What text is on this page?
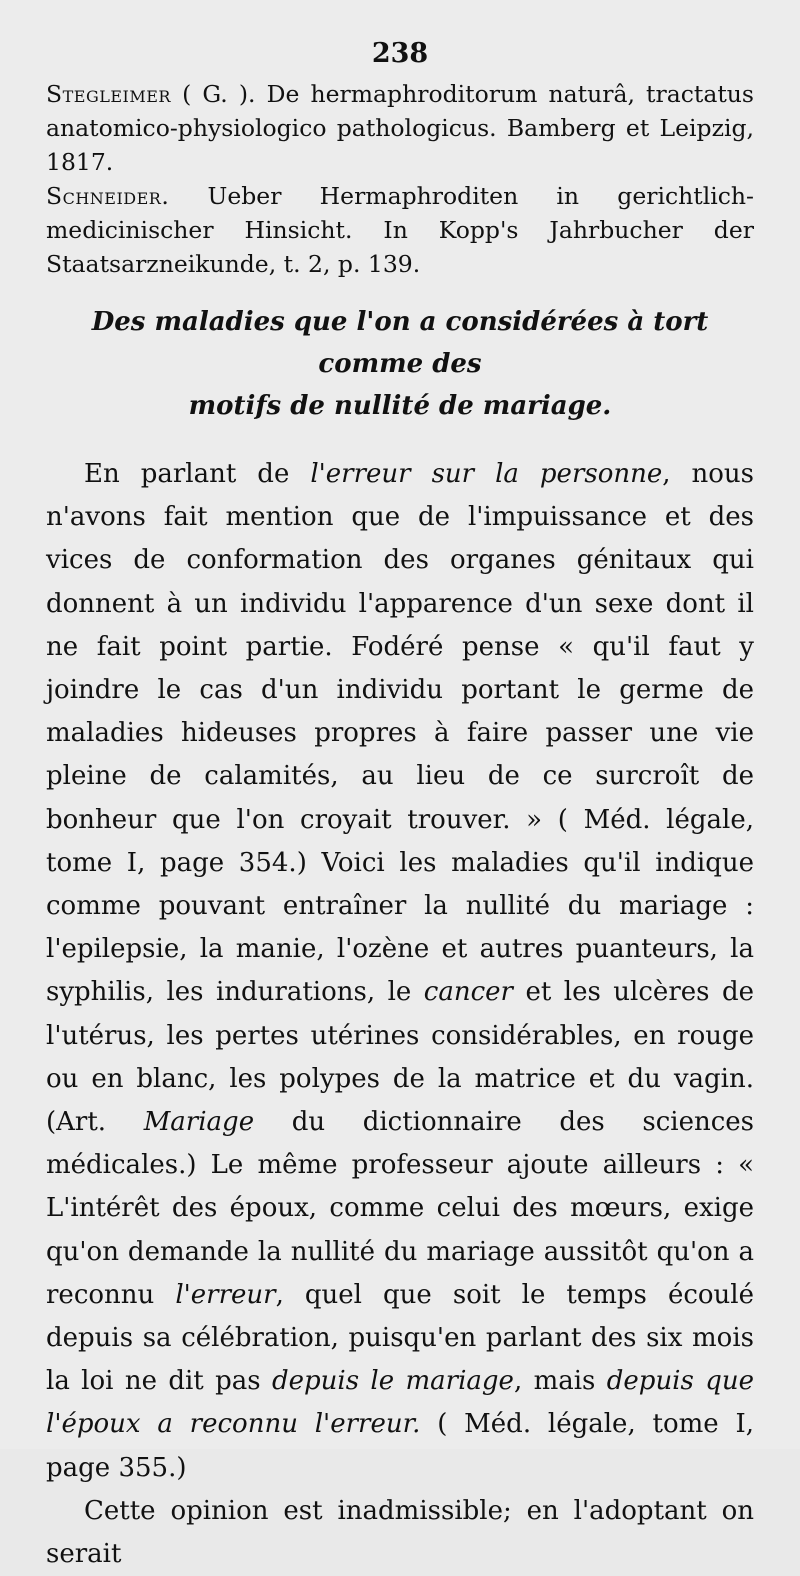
238

Stegleimer ( G. ). De hermaphroditorum naturâ, tractatus anatomico-physiologico pathologicus. Bamberg et Leipzig, 1817.

Schneider. Ueber Hermaphroditen in gerichtlich-medicinischer Hinsicht. In Kopp's Jahrbucher der Staatsarzneikunde, t. 2, p. 139.

Des maladies que l'on a considérées à tort comme des
motifs de nullité de mariage.

En parlant de l'erreur sur la personne, nous n'avons fait mention que de l'impuissance et des vices de conformation des organes génitaux qui donnent à un individu l'apparence d'un sexe dont il ne fait point partie. Fodéré pense « qu'il faut y joindre le cas d'un individu portant le germe de maladies hideuses propres à faire passer une vie pleine de calamités, au lieu de ce surcroît de bonheur que l'on croyait trouver. » ( Méd. légale, tome I, page 354.) Voici les maladies qu'il indique comme pouvant entraîner la nullité du mariage : l'epilepsie, la manie, l'ozène et autres puanteurs, la syphilis, les indurations, le cancer et les ulcères de l'utérus, les pertes utérines considérables, en rouge ou en blanc, les polypes de la matrice et du vagin. (Art. Mariage du dictionnaire des sciences médicales.) Le même professeur ajoute ailleurs : « L'intérêt des époux, comme celui des mœurs, exige qu'on demande la nullité du mariage aussitôt qu'on a reconnu l'erreur, quel que soit le temps écoulé depuis sa célébration, puisqu'en parlant des six mois la loi ne dit pas depuis le mariage, mais depuis que l'époux a reconnu l'erreur. ( Méd. légale, tome I, page 355.)

Cette opinion est inadmissible; en l'adoptant on serait
